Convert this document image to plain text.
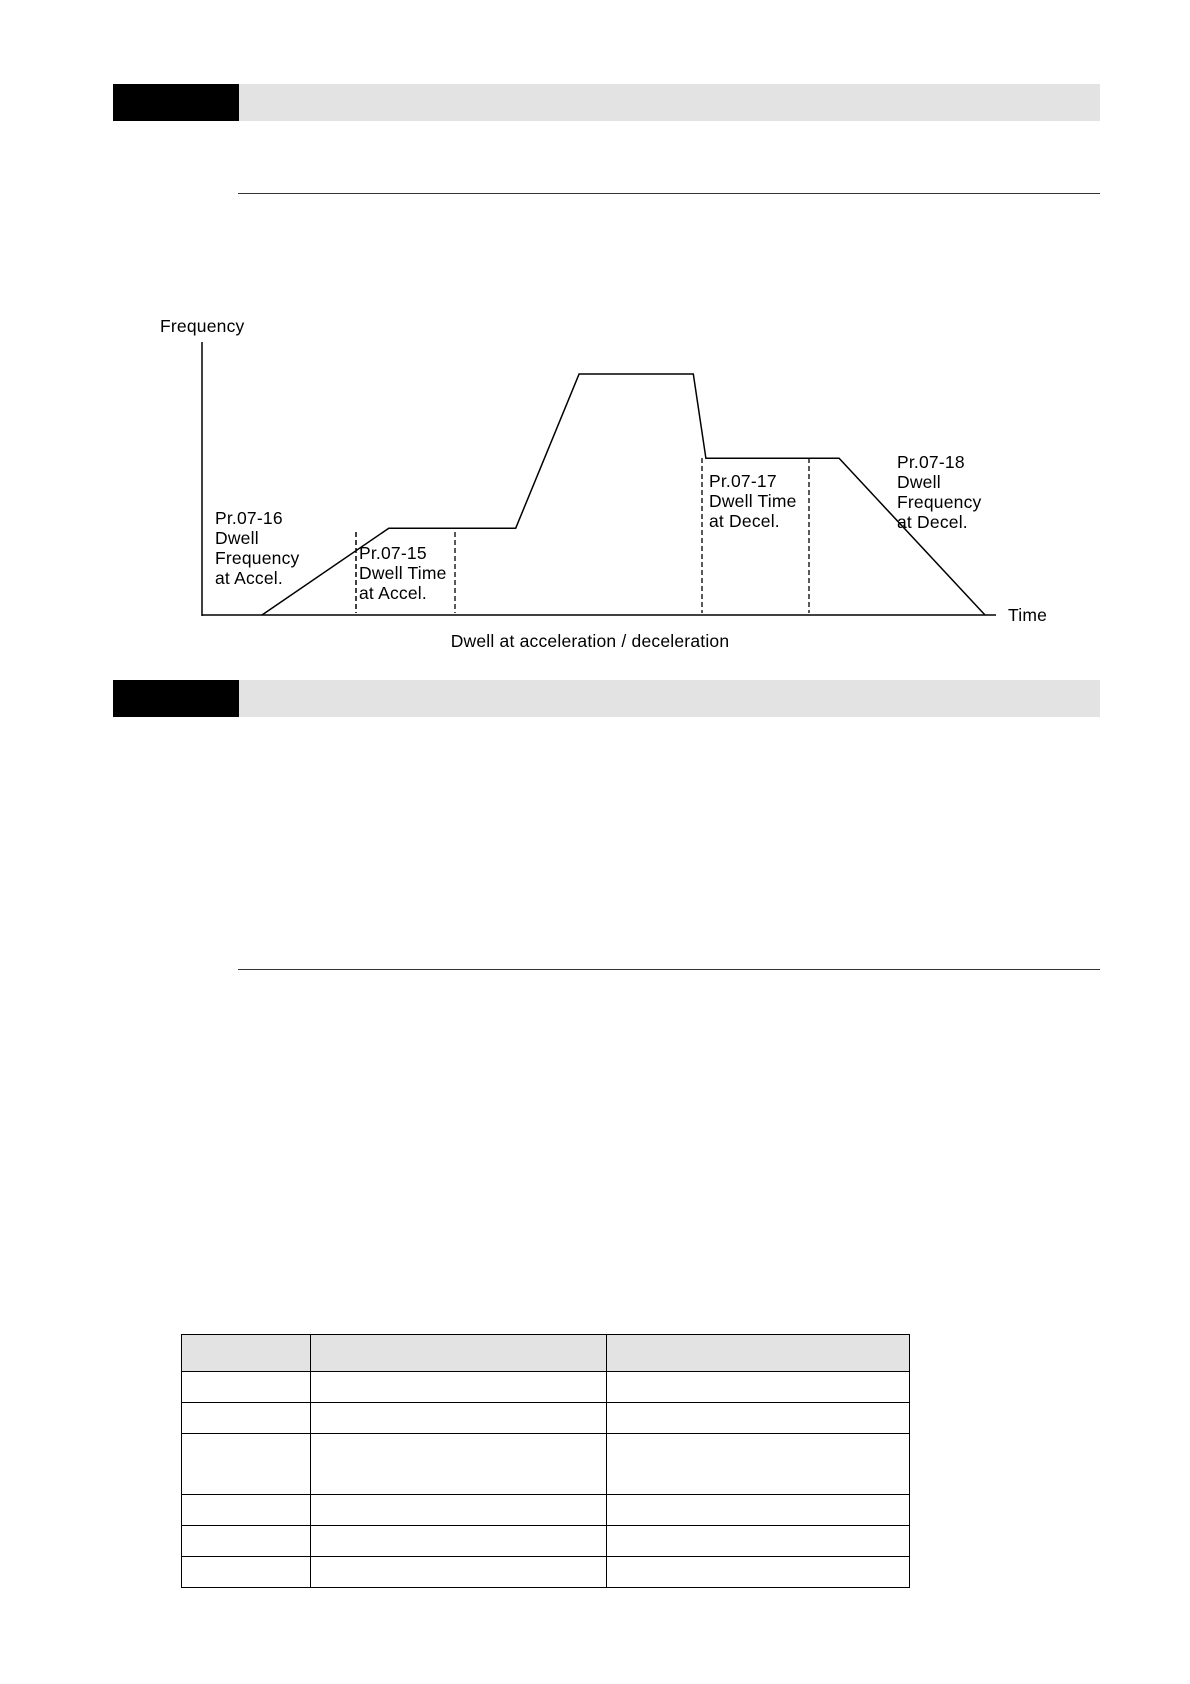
Frequency
Time
Pr.07-16
Dwell
Frequency
at Accel.
Pr.07-15
Dwell Time
at Accel.
Pr.07-17
Dwell Time
at Decel.
Pr.07-18
Dwell
Frequency
at Decel.
Dwell at acceleration / deceleration
